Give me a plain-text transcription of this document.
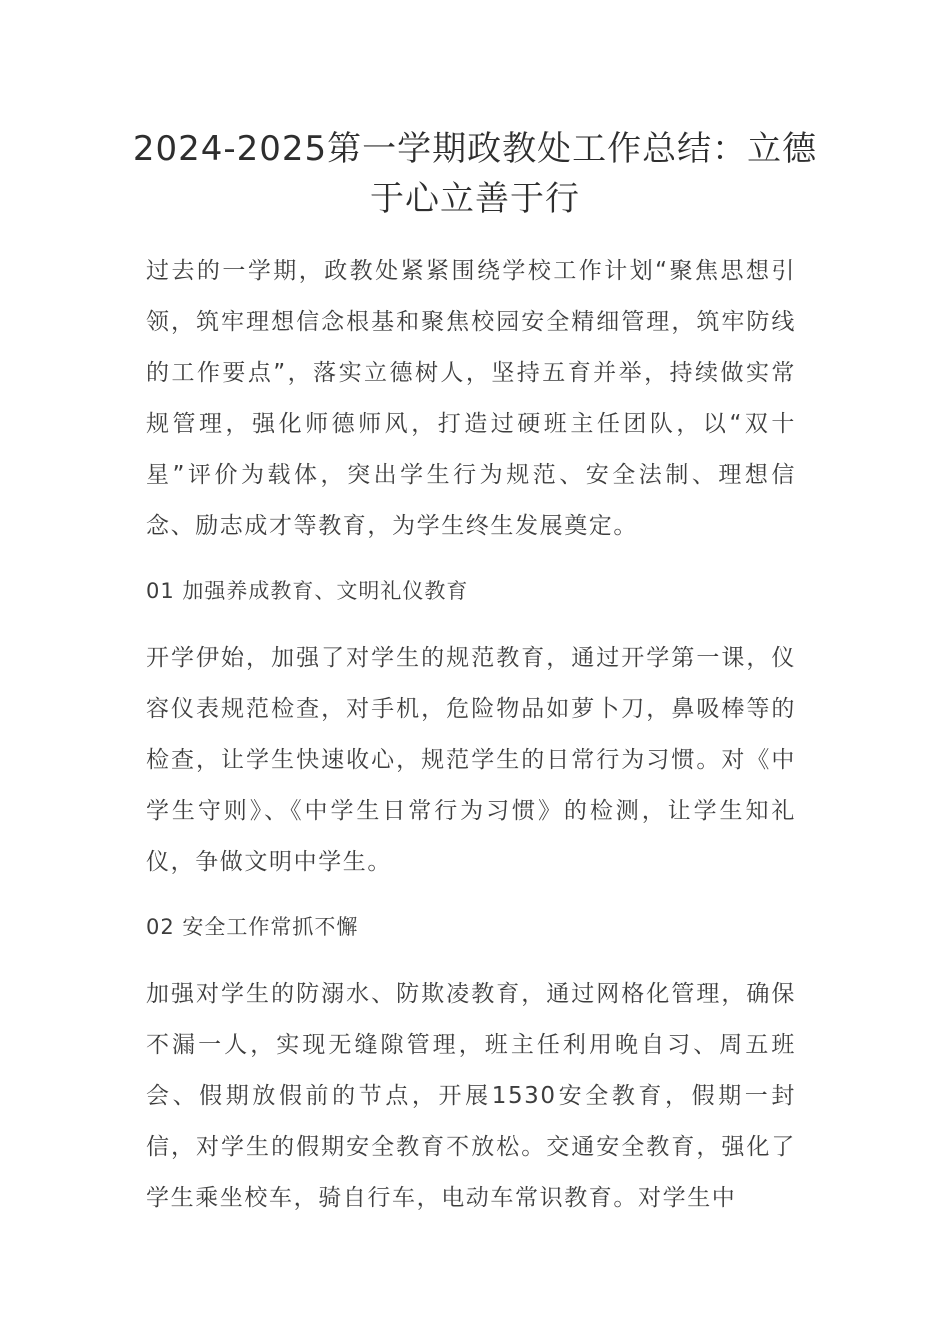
2024-2025第一学期政教处工作总结：立德
于心立善于行

过去的一学期，政教处紧紧围绕学校工作计划“聚焦思想引领，筑牢理想信念根基和聚焦校园安全精细管理，筑牢防线的工作要点”，落实立德树人，坚持五育并举，持续做实常规管理，强化师德师风，打造过硬班主任团队，以“双十星”评价为载体，突出学生行为规范、安全法制、理想信念、励志成才等教育，为学生终生发展奠定。

01 加强养成教育、文明礼仪教育

开学伊始，加强了对学生的规范教育，通过开学第一课，仪容仪表规范检查，对手机，危险物品如萝卜刀，鼻吸棒等的检查，让学生快速收心，规范学生的日常行为习惯。对《中学生守则》、《中学生日常行为习惯》的检测，让学生知礼仪，争做文明中学生。

02 安全工作常抓不懈

加强对学生的防溺水、防欺凌教育，通过网格化管理，确保不漏一人，实现无缝隙管理，班主任利用晚自习、周五班会、假期放假前的节点，开展1530安全教育，假期一封信，对学生的假期安全教育不放松。交通安全教育，强化了学生乘坐校车，骑自行车，电动车常识教育。对学生中
